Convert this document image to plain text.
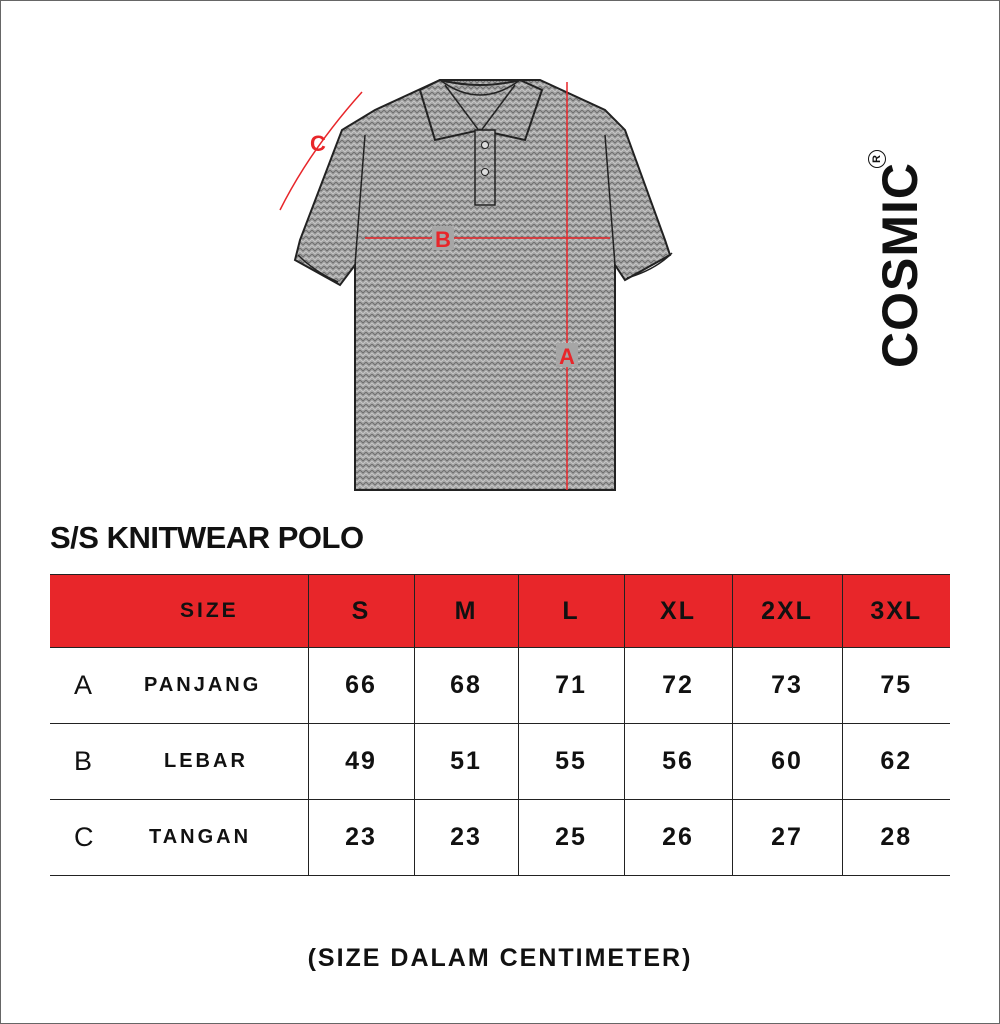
B
A
C
COSMIC
R
S/S KNITWEAR POLO
SIZE	S	M	L	XL	2XL	3XL

A PANJANG	66	68	71	72	73	75

B LEBAR	49	51	55	56	60	62

C TANGAN	23	23	25	26	27	28
(SIZE DALAM CENTIMETER)
